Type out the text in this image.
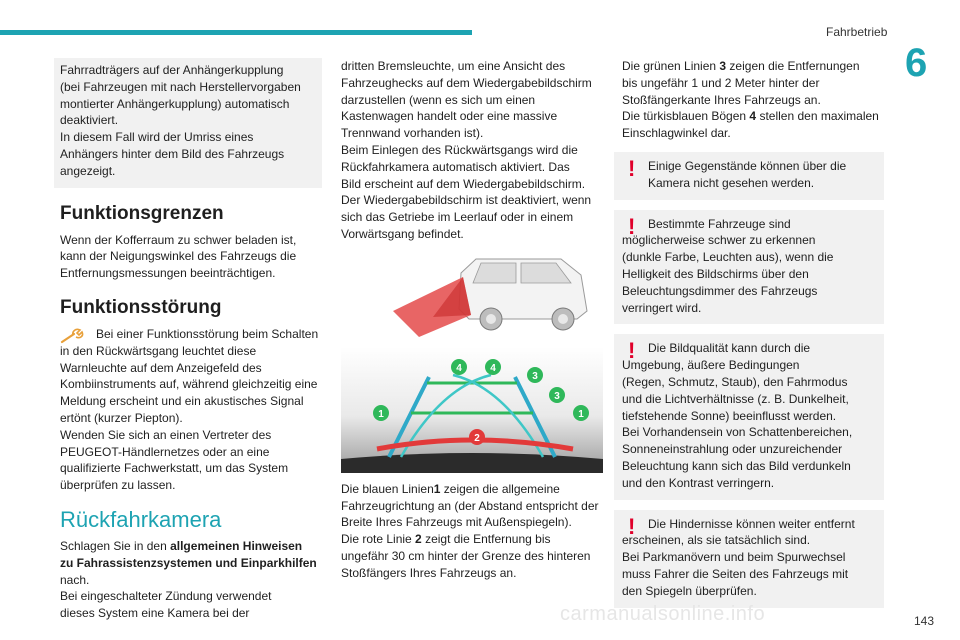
Fahrbetrieb
6
Fahrradträgers auf der Anhängerkupplung
(bei Fahrzeugen mit nach Herstellervorgaben
montierter Anhängerkupplung) automatisch
deaktiviert.
In diesem Fall wird der Umriss eines
Anhängers hinter dem Bild des Fahrzeugs
angezeigt.
Funktionsgrenzen

Wenn der Kofferraum zu schwer beladen ist,
kann der Neigungswinkel des Fahrzeugs die
Entfernungsmessungen beeinträchtigen.

Funktionsstörung

Bei einer Funktionsstörung beim Schalten
in den Rückwärtsgang leuchtet diese
Warnleuchte auf dem Anzeigefeld des
Kombiinstruments auf, während gleichzeitig eine
Meldung erscheint und ein akustisches Signal
ertönt (kurzer Piepton).
Wenden Sie sich an einen Vertreter des
PEUGEOT-Händlernetzes oder an eine
qualifizierte Fachwerkstatt, um das System
überprüfen zu lassen.

Rückfahrkamera

Schlagen Sie in den allgemeinen Hinweisen
zu Fahrassistenzsystemen und Einparkhilfen
nach.
Bei eingeschalteter Zündung verwendet
dieses System eine Kamera bei der

dritten Bremsleuchte, um eine Ansicht des
Fahrzeughecks auf dem Wiedergabebildschirm
darzustellen (wenn es sich um einen
Kastenwagen handelt oder eine massive
Trennwand vorhanden ist).
Beim Einlegen des Rückwärtsgangs wird die
Rückfahrkamera automatisch aktiviert. Das
Bild erscheint auf dem Wiedergabebildschirm.
Der Wiedergabebildschirm ist deaktiviert, wenn
sich das Getriebe im Leerlauf oder in einem
Vorwärtsgang befindet.

4	4
3
3
1	1
2

Die blauen Linien1 zeigen die allgemeine
Fahrzeugrichtung an (der Abstand entspricht der
Breite Ihres Fahrzeugs mit Außenspiegeln).
Die rote Linie 2 zeigt die Entfernung bis
ungefähr 30 cm hinter der Grenze des hinteren
Stoßfängers Ihres Fahrzeugs an.

Die grünen Linien 3 zeigen die Entfernungen
bis ungefähr 1 und 2 Meter hinter der
Stoßfängerkante Ihres Fahrzeugs an.
Die türkisblauen Bögen 4 stellen den maximalen
Einschlagwinkel dar.

!	Einige Gegenstände können über die
Kamera nicht gesehen werden.

!	Bestimmte Fahrzeuge sind

möglicherweise schwer zu erkennen
(dunkle Farbe, Leuchten aus), wenn die
Helligkeit des Bildschirms über den
Beleuchtungsdimmer des Fahrzeugs
verringert wird.

!	Die Bildqualität kann durch die

Umgebung, äußere Bedingungen
(Regen, Schmutz, Staub), den Fahrmodus
und die Lichtverhältnisse (z. B. Dunkelheit,
tiefstehende Sonne) beeinflusst werden.
Bei Vorhandensein von Schattenbereichen,
Sonneneinstrahlung oder unzureichender
Beleuchtung kann sich das Bild verdunkeln
und den Kontrast verringern.

!	Die Hindernisse können weiter entfernt

erscheinen, als sie tatsächlich sind.
Bei Parkmanövern und beim Spurwechsel
muss Fahrer die Seiten des Fahrzeugs mit
den Spiegeln überprüfen.

carmanualsonline.info	143
